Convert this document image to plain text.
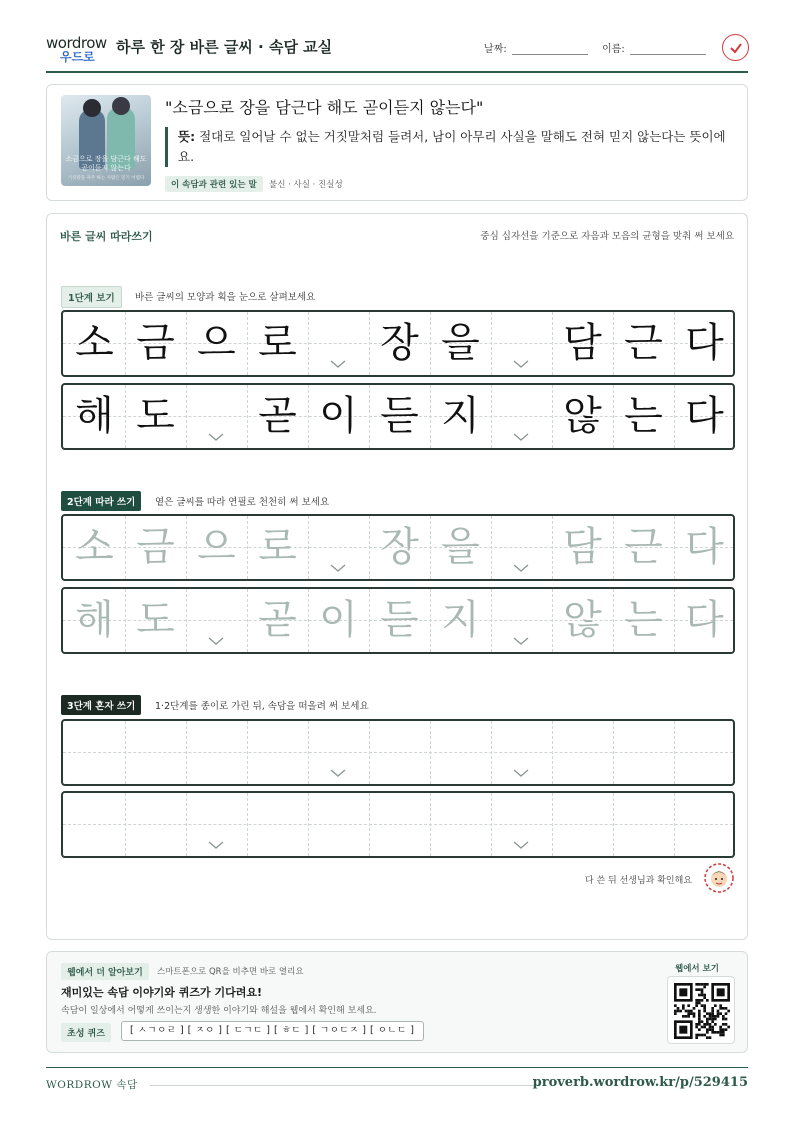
wordrow
우드로
하루 한 장 바른 글씨 · 속담 교실	날짜:	이름:
소금으로 장을 담근다 해도 곧이듣지 않는다
거짓말을 자주 하는 사람은 믿기 어렵다
"소금으로 장을 담근다 해도 곧이듣지 않는다"
뜻: 절대로 일어날 수 없는 거짓말처럼 들려서, 남이 아무리 사실을 말해도 전혀 믿지 않는다는 뜻이에요.
이 속담과 관련 있는 말	불신 · 사실 · 진실성
바른 글씨 따라쓰기	중심 십자선을 기준으로 자음과 모음의 균형을 맞춰 써 보세요
1단계 보기	바른 글씨의 모양과 획을 눈으로 살펴보세요
소 금 으 로 장 을 담 근 다
해 도 곧 이 듣 지 않 는 다
2단계 따라 쓰기	옅은 글씨를 따라 연필로 천천히 써 보세요
소 금 으 로 장 을 담 근 다
해 도 곧 이 듣 지 않 는 다
3단계 혼자 쓰기	1·2단계를 종이로 가린 뒤, 속담을 떠올려 써 보세요
다 쓴 뒤 선생님과 확인해요
웹에서 더 알아보기	스마트폰으로 QR을 비추면 바로 열리요
재미있는 속담 이야기와 퀴즈가 기다려요!
속담이 일상에서 어떻게 쓰이는지 생생한 이야기와 해설을 웹에서 확인해 보세요.
초성 퀴즈	[ ㅅㄱㅇㄹ ] [ ㅈㅇ ] [ ㄷㄱㄷ ] [ ㅎㄷ ] [ ㄱㅇㄷㅈ ] [ ㅇㄴㄷ ]
웹에서 보기
WORDROW 속담	proverb.wordrow.kr/p/529415
